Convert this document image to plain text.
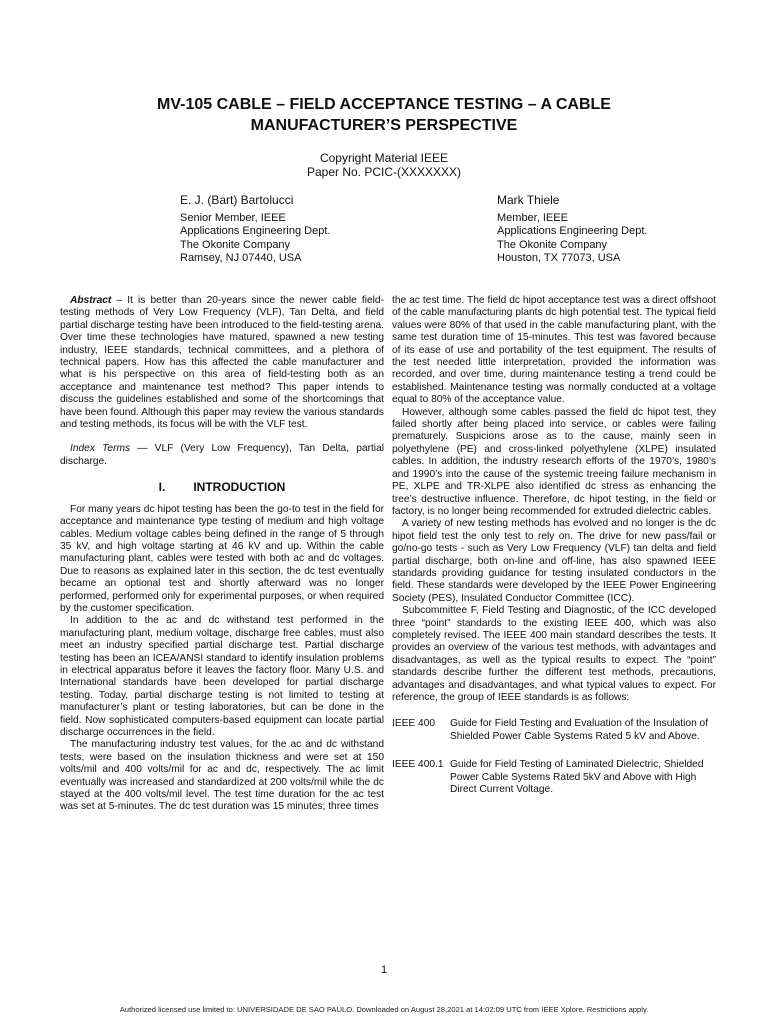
MV-105 CABLE – FIELD ACCEPTANCE TESTING – A CABLE
MANUFACTURER’S PERSPECTIVE
Copyright Material IEEE
Paper No. PCIC-(XXXXXXX)
E. J. (Bart) Bartolucci
Senior Member, IEEE
Applications Engineering Dept.
The Okonite Company
Ramsey, NJ 07440, USA
Mark Thiele
Member, IEEE
Applications Engineering Dept.
The Okonite Company
Houston, TX 77073, USA

Abstract – It is better than 20-years since the newer cable field-testing methods of Very Low Frequency (VLF), Tan Delta, and field partial discharge testing have been introduced to the field-testing arena. Over time these technologies have matured, spawned a new testing industry, IEEE standards, technical committees, and a plethora of technical papers. How has this affected the cable manufacturer and what is his perspective on this area of field-testing both as an acceptance and maintenance test method? This paper intends to discuss the guidelines established and some of the shortcomings that have been found. Although this paper may review the various standards and testing methods, its focus will be with the VLF test.

Index Terms — VLF (Very Low Frequency), Tan Delta, partial discharge.

I. INTRODUCTION

For many years dc hipot testing has been the go-to test in the field for acceptance and maintenance type testing of medium and high voltage cables. Medium voltage cables being defined in the range of 5 through 35 kV, and high voltage starting at 46 kV and up. Within the cable manufacturing plant, cables were tested with both ac and dc voltages. Due to reasons as explained later in this section, the dc test eventually became an optional test and shortly afterward was no longer performed, performed only for experimental purposes, or when required by the customer specification.

In addition to the ac and dc withstand test performed in the manufacturing plant, medium voltage, discharge free cables, must also meet an industry specified partial discharge test. Partial discharge testing has been an ICEA/ANSI standard to identify insulation problems in electrical apparatus before it leaves the factory floor. Many U.S. and International standards have been developed for partial discharge testing. Today, partial discharge testing is not limited to testing at manufacturer’s plant or testing laboratories, but can be done in the field. Now sophisticated computers-based equipment can locate partial discharge occurrences in the field.

The manufacturing industry test values, for the ac and dc withstand tests, were based on the insulation thickness and were set at 150 volts/mil and 400 volts/mil for ac and dc, respectively. The ac limit eventually was increased and standardized at 200 volts/mil while the dc stayed at the 400 volts/mil level. The test time duration for the ac test was set at 5-minutes. The dc test duration was 15 minutes; three times

the ac test time. The field dc hipot acceptance test was a direct offshoot of the cable manufacturing plants dc high potential test. The typical field values were 80% of that used in the cable manufacturing plant, with the same test duration time of 15-minutes. This test was favored because of its ease of use and portability of the test equipment. The results of the test needed little interpretation, provided the information was recorded, and over time, during maintenance testing a trend could be established. Maintenance testing was normally conducted at a voltage equal to 80% of the acceptance value.

However, although some cables passed the field dc hipot test, they failed shortly after being placed into service, or cables were failing prematurely. Suspicions arose as to the cause, mainly seen in polyethylene (PE) and cross-linked polyethylene (XLPE) insulated cables. In addition, the industry research efforts of the 1970’s, 1980’s and 1990’s into the cause of the systemic treeing failure mechanism in PE, XLPE and TR-XLPE also identified dc stress as enhancing the tree’s destructive influence. Therefore, dc hipot testing, in the field or factory, is no longer being recommended for extruded dielectric cables.

A variety of new testing methods has evolved and no longer is the dc hipot field test the only test to rely on. The drive for new pass/fail or go/no-go tests - such as Very Low Frequency (VLF) tan delta and field partial discharge, both on-line and off-line, has also spawned IEEE standards providing guidance for testing insulated conductors in the field. These standards were developed by the IEEE Power Engineering Society (PES), Insulated Conductor Committee (ICC).

Subcommittee F, Field Testing and Diagnostic, of the ICC developed three “point” standards to the existing IEEE 400, which was also completely revised. The IEEE 400 main standard describes the tests. It provides an overview of the various test methods, with advantages and disadvantages, as well as the typical results to expect. The “point” standards describe further the different test methods, precautions, advantages and disadvantages, and what typical values to expect. For reference, the group of IEEE standards is as follows:

IEEE 400	Guide for Field Testing and Evaluation of the Insulation of Shielded Power Cable Systems Rated 5 kV and Above.

IEEE 400.1 Guide for Field Testing of Laminated Dielectric, Shielded Power Cable Systems Rated 5kV and Above with High Direct Current Voltage.

1
Authorized licensed use limited to: UNIVERSIDADE DE SAO PAULO. Downloaded on August 28,2021 at 14:02:09 UTC from IEEE Xplore. Restrictions apply.
